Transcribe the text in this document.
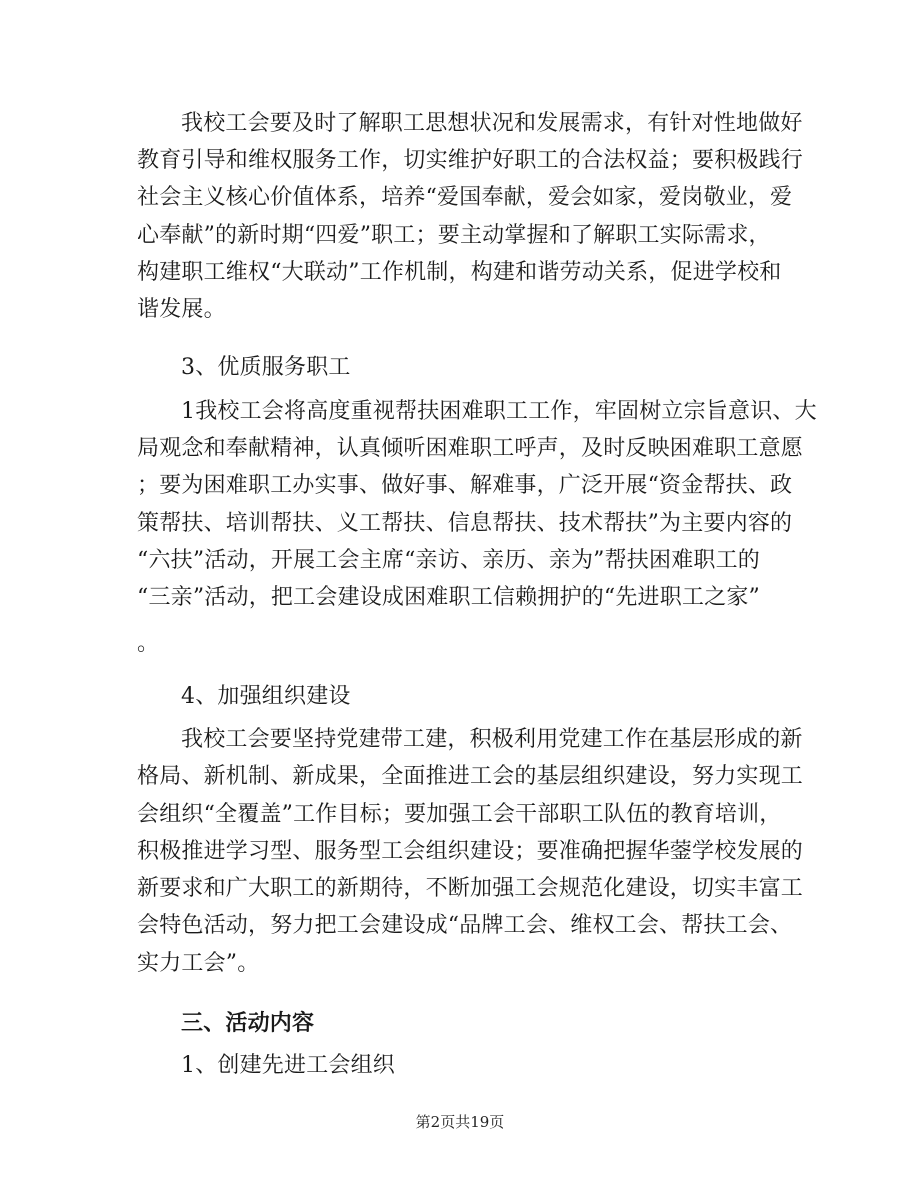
我校工会要及时了解职工思想状况和发展需求，有针对性地做好
教育引导和维权服务工作，切实维护好职工的合法权益；要积极践行
社会主义核心价值体系，培养“爱国奉献，爱会如家，爱岗敬业，爱
心奉献”的新时期“四爱”职工；要主动掌握和了解职工实际需求，
构建职工维权“大联动”工作机制，构建和谐劳动关系，促进学校和
谐发展。
3、优质服务职工
1我校工会将高度重视帮扶困难职工工作，牢固树立宗旨意识、大
局观念和奉献精神，认真倾听困难职工呼声，及时反映困难职工意愿
；要为困难职工办实事、做好事、解难事，广泛开展“资金帮扶、政
策帮扶、培训帮扶、义工帮扶、信息帮扶、技术帮扶”为主要内容的
“六扶”活动，开展工会主席“亲访、亲历、亲为”帮扶困难职工的
“三亲”活动，把工会建设成困难职工信赖拥护的“先进职工之家”
。
4、加强组织建设
我校工会要坚持党建带工建，积极利用党建工作在基层形成的新
格局、新机制、新成果，全面推进工会的基层组织建设，努力实现工
会组织“全覆盖”工作目标；要加强工会干部职工队伍的教育培训，
积极推进学习型、服务型工会组织建设；要准确把握华蓥学校发展的
新要求和广大职工的新期待，不断加强工会规范化建设，切实丰富工
会特色活动，努力把工会建设成“品牌工会、维权工会、帮扶工会、
实力工会”。
三、活动内容
1、创建先进工会组织
第2页共19页
